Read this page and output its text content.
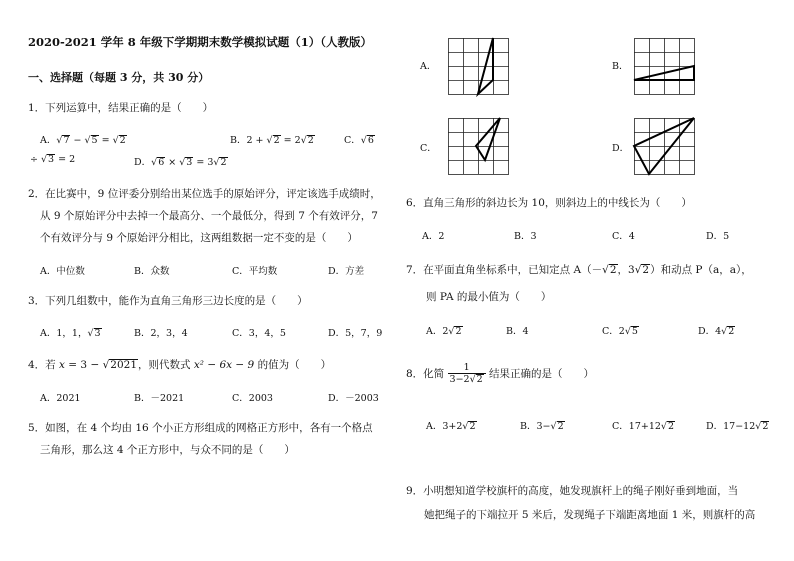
2020-2021 学年 8 年级下学期期末数学模拟试题（1）（人教版）
一、选择题（每题 3 分，共 30 分）
1．下列运算中，结果正确的是（　　）
A．√7 − √5 = √2	B．2 + √2 = 2√2	C．√6
÷ √3 = 2	D．√6 × √3 = 3√2
2．在比赛中，9 位评委分别给出某位选手的原始评分，评定该选手成绩时，
从 9 个原始评分中去掉一个最高分、一个最低分，得到 7 个有效评分，7
个有效评分与 9 个原始评分相比，这两组数据一定不变的是（　　）
A．中位数	B．众数	C．平均数	D．方差
3．下列几组数中，能作为直角三角形三边长度的是（　　）
A．1，1，√3	B．2，3，4	C．3，4，5	D．5，7，9
4．若 x = 3 − √2021，则代数式 x² − 6x − 9 的值为（　　）
A．2021	B．－2021	C．2003	D．－2003
5．如图，在 4 个均由 16 个小正方形组成的网格正方形中，各有一个格点
三角形，那么这 4 个正方形中，与众不同的是（　　）
A．	B．
C．	D．
6．直角三角形的斜边长为 10，则斜边上的中线长为（　　）
A．2	B．3	C．4	D．5
7．在平面直角坐标系中，已知定点 A（－√2，3√2）和动点 P（a，a），
则 PA 的最小值为（　　）
A．2√2	B．4	C．2√5	D．4√2
8．化简 $\frac{1}{3-2√2}$ 结果正确的是（　　）
A．3+2√2	B．3−√2	C．17+12√2	D．17−12√2
9．小明想知道学校旗杆的高度，她发现旗杆上的绳子刚好垂到地面，当
她把绳子的下端拉开 5 米后，发现绳子下端距离地面 1 米，则旗杆的高
